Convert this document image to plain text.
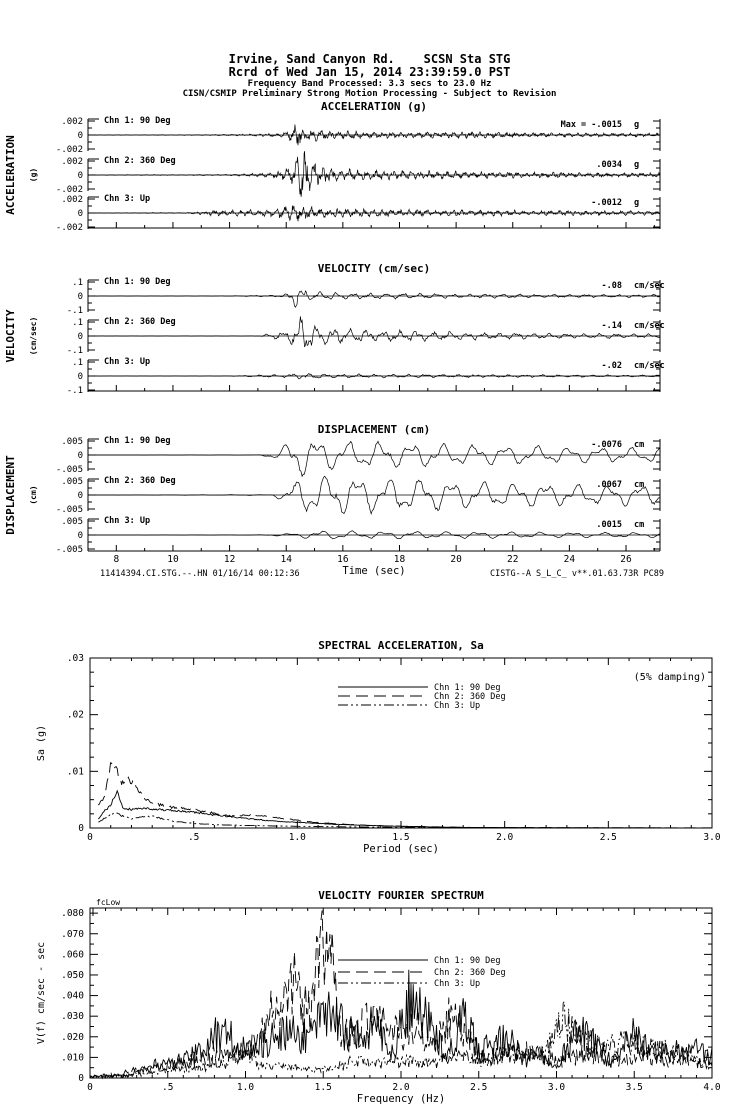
Irvine, Sand Canyon Rd.    SCSN Sta STG
Rcrd of Wed Jan 15, 2014 23:39:59.0 PST
Frequency Band Processed: 3.3 secs to 23.0 Hz
CISN/CSMIP Preliminary Strong Motion Processing - Subject to Revision
ACCELERATION (g)
ACCELERATION (g)
Chn 1: 90 Deg
.002
0
-.002
Max = -.0015 g
Chn 2: 360 Deg
.002
0
-.002
.0034 g
Chn 3: Up
.002
0
-.002
-.0012 g
VELOCITY (cm/sec)
VELOCITY (cm/sec)
Chn 1: 90 Deg
.1
0
-.1
-.08 cm/sec
Chn 2: 360 Deg
.1
0
-.1
-.14 cm/sec
Chn 3: Up
.1
0
-.1
-.02 cm/sec
DISPLACEMENT (cm)
DISPLACEMENT (cm)
Chn 1: 90 Deg
.005
0
-.005
-.0076 cm
Chn 2: 360 Deg
.005
0
-.005
.0067 cm
Chn 3: Up
.005
0
-.005
.0015 cm
8	10	12	14	16	18	20	22	24	26
Time (sec)
11414394.CI.STG.--.HN 01/16/14 00:12:36	CISTG--A S_L_C_ v**.01.63.73R PC89
SPECTRAL ACCELERATION, Sa
0	.5	1.0	1.5	2.0	2.5	3.0
Period (sec)
0
.01
.02
.03
Sa (g)
Chn 1: 90 Deg
Chn 2: 360 Deg
Chn 3: Up
(5% damping)
VELOCITY FOURIER SPECTRUM
0	.5	1.0	1.5	2.0	2.5	3.0	3.5	4.0
Frequency (Hz)
0
.010
.020
.030
.040
.050
.060
.070
.080
V(f) cm/sec - sec	Chn 1: 90 Deg
Chn 2: 360 Deg
Chn 3: Up
fcLow
